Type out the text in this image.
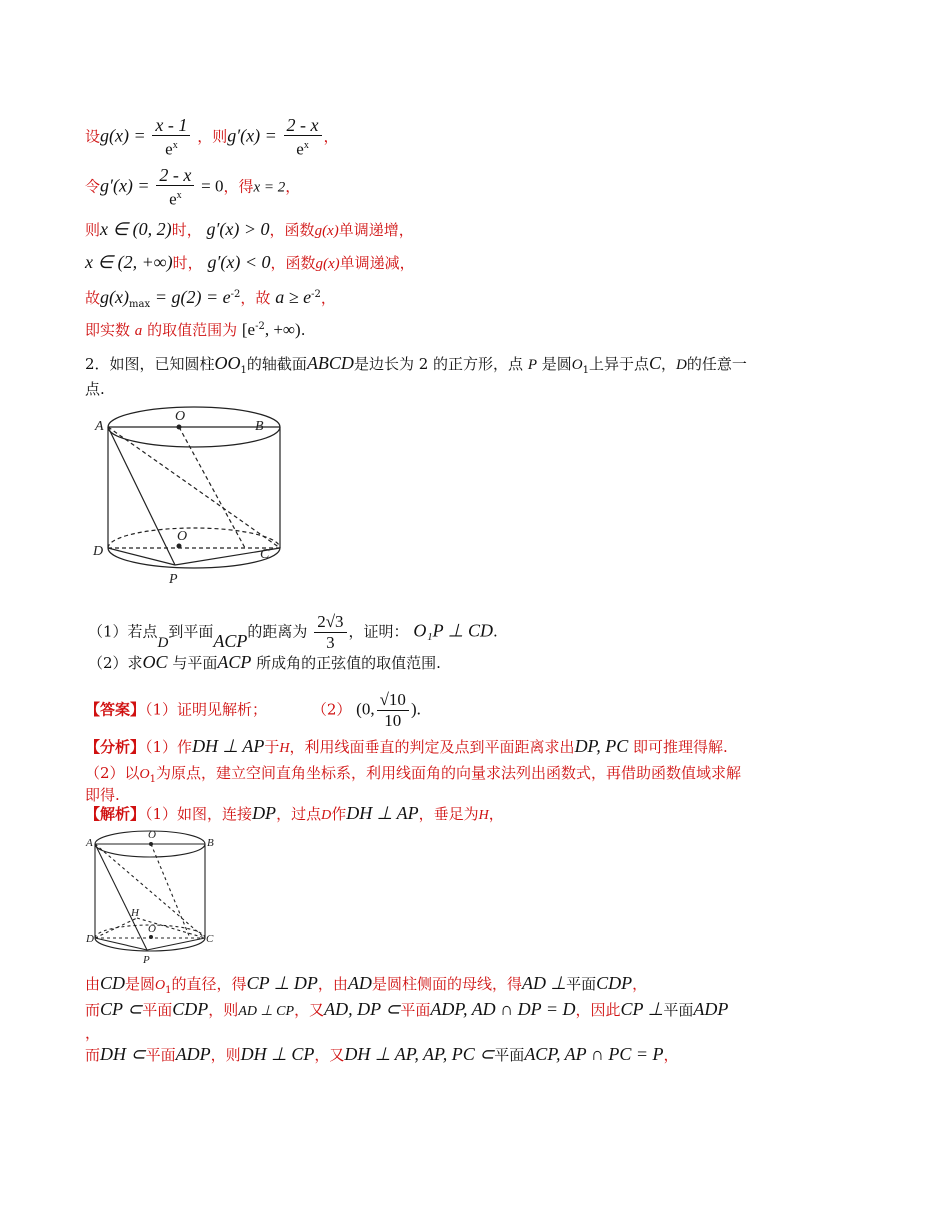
设$g(x) = \frac{x - 1}{e^x}$ ，则$g'(x) = \frac{2 - x}{e^x}$ ，
令$g'(x) = \frac{2 - x}{e^x} = 0$，得x = 2，
则x ∈ (0, 2)时， g′(x) > 0，函数g(x)单调递增，
x ∈ (2, +∞)时， g′(x) < 0，函数g(x)单调递减，
故$g(x)_{max} = g(2) = e^{-2}$，故 $a \ge e^{-2}$，
即实数 a 的取值范围为 [$e^{-2}$, +∞).
2．如图，已知圆柱$OO_1$的轴截面ABCD是边长为 2 的正方形，点 P 是圆$O_1$上异于点C，D的任意一
点.
A	B
O
O
C
D
P
（1）若点D到平面ACP的距离为 $\frac{2√3}{3}$ ，证明： O₁P ⊥ CD.
（2）求OC 与平面ACP 所成角的正弦值的取值范围.
【答案】（1）证明见解析；	（2） (0, $\frac{√10}{10}$ ).
【分析】（1）作DH ⊥ AP于H，利用线面垂直的判定及点到平面距离求出DP, PC 即可推理得解.
（2）以$O_1$为原点，建立空间直角坐标系，利用线面角的向量求法列出函数式，再借助函数值域求解
即得.
【解析】（1）如图，连接DP，过点D作DH ⊥ AP，垂足为H，
A	B
O
H
O
C
D
P
由CD是圆$O_1$的直径，得CP ⊥ DP，由AD是圆柱侧面的母线，得AD ⊥平面CDP，
而CP ⊂平面CDP，则AD ⊥ CP，又AD, DP ⊂平面ADP, AD ∩ DP = D，因此CP ⊥平面ADP
，
而DH ⊂平面ADP，则DH ⊥ CP，又DH ⊥ AP, AP, PC ⊂平面ACP, AP ∩ PC = P，
